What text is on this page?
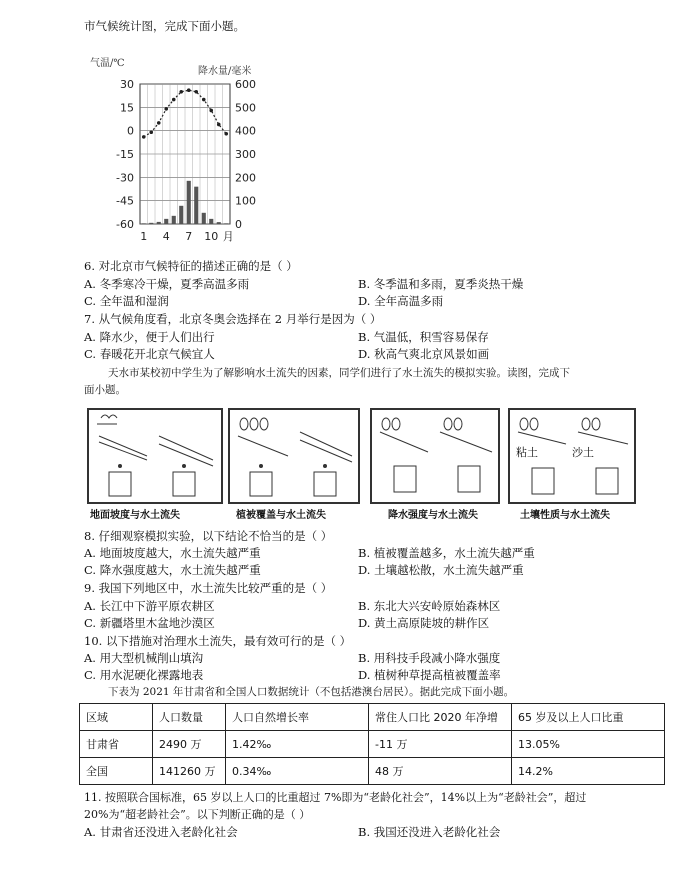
市气候统计图，完成下面小题。
气温/℃
降水量/毫米
30	600
15	500
0	400
-15	300
-30	200
-45	100
-60	0
1 4 7 10 月
6. 对北京市气候特征的描述正确的是（ ）
A. 冬季寒冷干燥，夏季高温多雨	B. 冬季温和多雨，夏季炎热干燥
C. 全年温和湿润	D. 全年高温多雨
7. 从气候角度看，北京冬奥会选择在 2 月举行是因为（ ）
A. 降水少，便于人们出行	B. 气温低，积雪容易保存
C. 春暖花开北京气候宜人	D. 秋高气爽北京风景如画
天水市某校初中学生为了解影响水土流失的因素，同学们进行了水土流失的模拟实验。读图，完成下
面小题。
粘土	沙土
地面坡度与水土流失	植被覆盖与水土流失	降水强度与水土流失	土壤性质与水土流失
8. 仔细观察模拟实验，以下结论不恰当的是（ ）
A. 地面坡度越大，水土流失越严重	B. 植被覆盖越多，水土流失越严重
C. 降水强度越大，水土流失越严重	D. 土壤越松散，水土流失越严重
9. 我国下列地区中，水土流失比较严重的是（ ）
A. 长江中下游平原农耕区	B. 东北大兴安岭原始森林区
C. 新疆塔里木盆地沙漠区	D. 黄土高原陡坡的耕作区
10. 以下措施对治理水土流失，最有效可行的是（ ）
A. 用大型机械削山填沟	B. 用科技手段减小降水强度
C. 用水泥硬化裸露地表	D. 植树种草提高植被覆盖率
下表为 2021 年甘肃省和全国人口数据统计（不包括港澳台居民）。据此完成下面小题。
区域	人口数量	人口自然增长率	常住人口比 2020 年净增	65 岁及以上人口比重
甘肃省	2490 万	1.42‰	-11 万	13.05%
全国	141260 万	0.34‰	48 万	14.2%
11. 按照联合国标准，65 岁以上人口的比重超过 7%即为“老龄化社会”，14%以上为“老龄社会”，超过
20%为“超老龄社会”。以下判断正确的是（ ）
A. 甘肃省还没进入老龄化社会	B. 我国还没进入老龄化社会
